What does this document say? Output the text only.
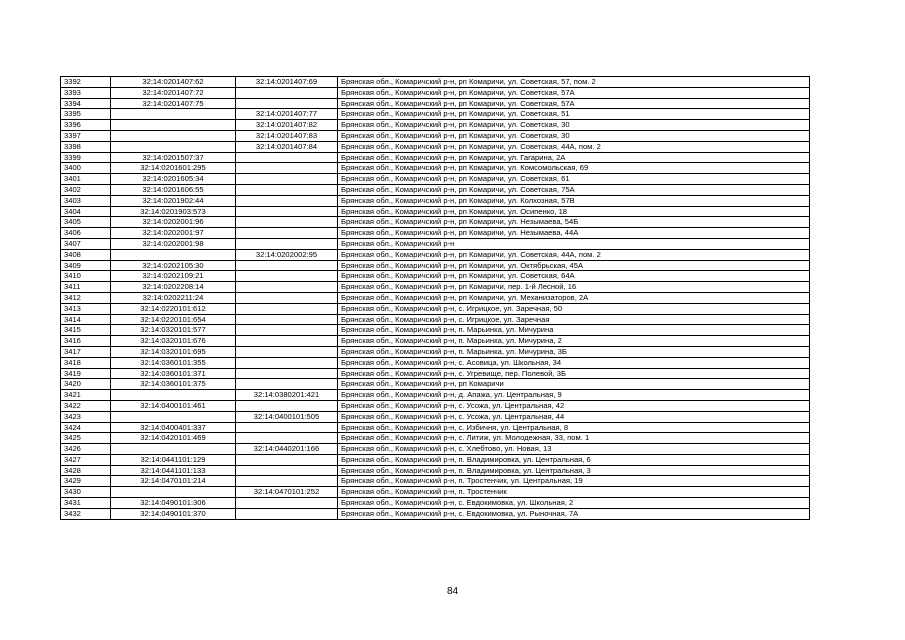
3392	32:14:0201407:62	32:14:0201407:69	Брянская обл., Комаричский р-н, рп Комаричи, ул. Советская, 57, пом. 2
3393	32:14:0201407:72		Брянская обл., Комаричский р-н, рп Комаричи, ул. Советская, 57А
3394	32:14:0201407:75		Брянская обл., Комаричский р-н, рп Комаричи, ул. Советская, 57А
3395		32:14:0201407:77	Брянская обл., Комаричский р-н, рп Комаричи, ул. Советская, 51
3396		32:14:0201407:82	Брянская обл., Комаричский р-н, рп Комаричи, ул. Советская, 30
3397		32:14:0201407:83	Брянская обл., Комаричский р-н, рп Комаричи, ул. Советская, 30
3398		32:14:0201407:84	Брянская обл., Комаричский р-н, рп Комаричи, ул. Советская, 44А, пом. 2
3399	32:14:0201507:37		Брянская обл., Комаричский р-н, рп Комаричи, ул. Гагарина, 2А
3400	32:14:0201601:295		Брянская обл., Комаричский р-н, рп Комаричи, ул. Комсомольская, 69
3401	32:14:0201605:34		Брянская обл., Комаричский р-н, рп Комаричи, ул. Советская, 61
3402	32:14:0201606:55		Брянская обл., Комаричский р-н, рп Комаричи, ул. Советская, 75А
3403	32:14:0201902:44		Брянская обл., Комаричский р-н, рп Комаричи, ул. Колхозная, 57В
3404	32:14:0201903:573		Брянская обл., Комаричский р-н, рп Комаричи, ул. Осипенко, 18
3405	32:14:0202001:96		Брянская обл., Комаричский р-н, рп Комаричи, ул. Незымаева, 54Б
3406	32:14:0202001:97		Брянская обл., Комаричский р-н, рп Комаричи, ул. Незымаева, 44А
3407	32:14:0202001:98		Брянская обл., Комаричский р-н
3408		32:14:0202002:95	Брянская обл., Комаричский р-н, рп Комаричи, ул. Советская, 44А, пом. 2
3409	32:14:0202105:30		Брянская обл., Комаричский р-н, рп Комаричи, ул. Октябрьская, 45А
3410	32:14:0202109:21		Брянская обл., Комаричский р-н, рп Комаричи, ул. Советская, 64А
3411	32:14:0202208:14		Брянская обл., Комаричский р-н, рп Комаричи, пер. 1-й Лесной, 16
3412	32:14:0202211:24		Брянская обл., Комаричский р-н, рп Комаричи, ул. Механизаторов, 2А
3413	32:14:0220101:612		Брянская обл., Комаричский р-н, с. Игрицкое, ул. Заречная, 50
3414	32:14:0220101:654		Брянская обл., Комаричский р-н, с. Игрицкое, ул. Заречная
3415	32:14:0320101:577		Брянская обл., Комаричский р-н, п. Марьинка, ул. Мичурина
3416	32:14:0320101:676		Брянская обл., Комаричский р-н, п. Марьинка, ул. Мичурина, 2
3417	32:14:0320101:695		Брянская обл., Комаричский р-н, п. Марьинка, ул. Мичурина, 3Б
3418	32:14:0360101:355		Брянская обл., Комаричский р-н, с. Асовица, ул. Школьная, 34
3419	32:14:0360101:371		Брянская обл., Комаричский р-н, с. Угревище, пер. Полевой, 3Б
3420	32:14:0360101:375		Брянская обл., Комаричский р-н, рп Комаричи
3421		32:14:0380201:421	Брянская обл., Комаричский р-н, д. Апажа, ул. Центральная, 9
3422	32:14:0400101:461		Брянская обл., Комаричский р-н, с. Усожа, ул. Центральная, 42
3423		32:14:0400101:505	Брянская обл., Комаричский р-н, с. Усожа, ул. Центральная, 44
3424	32:14:0400401:337		Брянская обл., Комаричский р-н, с. Избичня, ул. Центральная, 8
3425	32:14:0420101:469		Брянская обл., Комаричский р-н, с. Литиж, ул. Молодежная, 33, пом. 1
3426		32:14:0440201:166	Брянская обл., Комаричский р-н, с. Хлебтово, ул. Новая, 13
3427	32:14:0441101:129		Брянская обл., Комаричский р-н, п. Владимировка, ул. Центральная, 6
3428	32:14:0441101:133		Брянская обл., Комаричский р-н, п. Владимировка, ул. Центральная, 3
3429	32:14:0470101:214		Брянская обл., Комаричский р-н, п. Тростенчик, ул. Центральная, 19
3430		32:14:0470101:252	Брянская обл., Комаричский р-н, п. Тростенчик
3431	32:14:0490101:306		Брянская обл., Комаричский р-н, с. Евдокимовка, ул. Школьная, 2
3432	32:14:0490101:370		Брянская обл., Комаричский р-н, с. Евдокимовка, ул. Рыночная, 7А
84
